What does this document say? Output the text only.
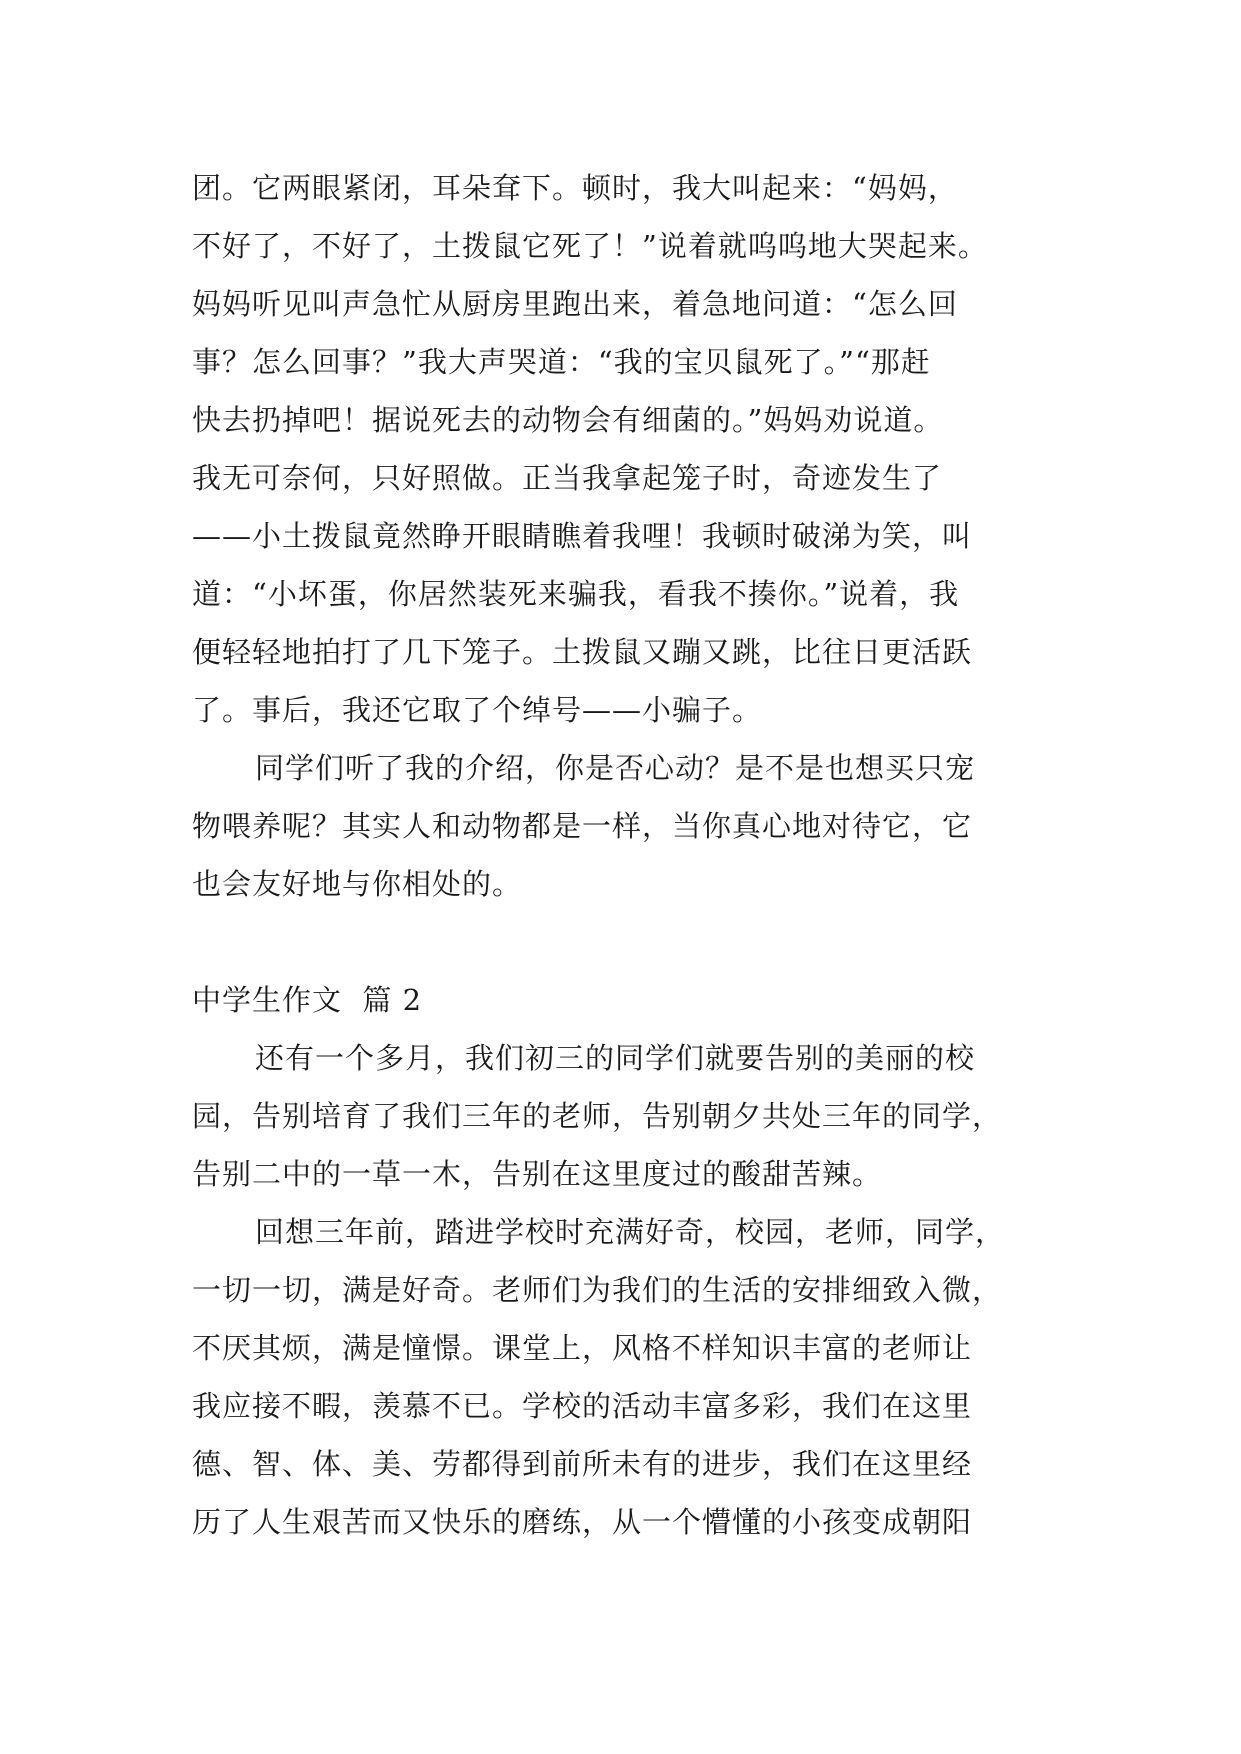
团。它两眼紧闭，耳朵耷下。顿时，我大叫起来：“妈妈，
不好了，不好了，土拨鼠它死了！”说着就呜呜地大哭起来。
妈妈听见叫声急忙从厨房里跑出来，着急地问道：“怎么回
事？怎么回事？”我大声哭道：“我的宝贝鼠死了。”“那赶
快去扔掉吧！据说死去的动物会有细菌的。”妈妈劝说道。
我无可奈何，只好照做。正当我拿起笼子时，奇迹发生了
——小土拨鼠竟然睁开眼睛瞧着我哩！我顿时破涕为笑，叫
道：“小坏蛋，你居然装死来骗我，看我不揍你。”说着，我
便轻轻地拍打了几下笼子。土拨鼠又蹦又跳，比往日更活跃
了。事后，我还它取了个绰号——小骗子。
同学们听了我的介绍，你是否心动？是不是也想买只宠
物喂养呢？其实人和动物都是一样，当你真心地对待它，它
也会友好地与你相处的。
中学生作文  篇 2
还有一个多月，我们初三的同学们就要告别的美丽的校
园，告别培育了我们三年的老师，告别朝夕共处三年的同学，
告别二中的一草一木，告别在这里度过的酸甜苦辣。
回想三年前，踏进学校时充满好奇，校园，老师，同学，
一切一切，满是好奇。老师们为我们的生活的安排细致入微，
不厌其烦，满是憧憬。课堂上，风格不样知识丰富的老师让
我应接不暇，羡慕不已。学校的活动丰富多彩，我们在这里
德、智、体、美、劳都得到前所未有的进步，我们在这里经
历了人生艰苦而又快乐的磨练，从一个懵懂的小孩变成朝阳
